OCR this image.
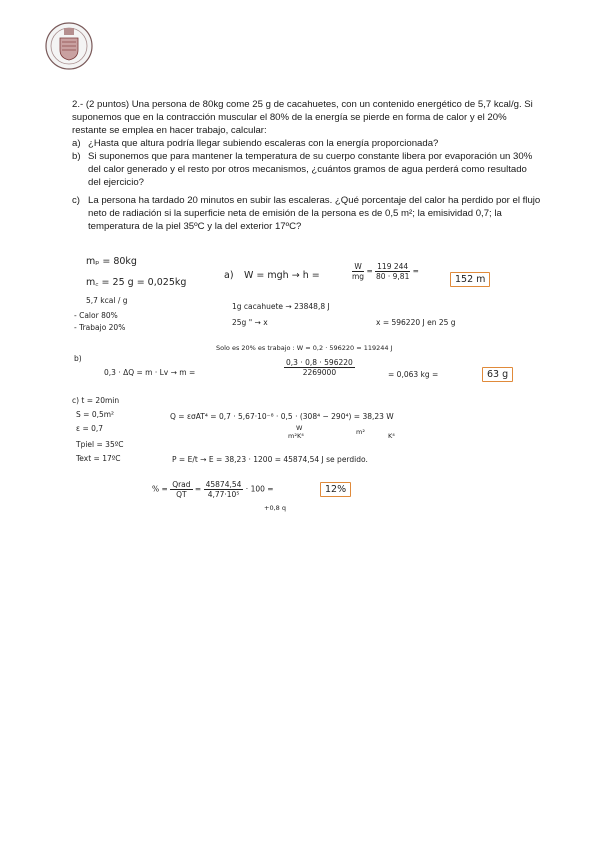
2.- (2 puntos) Una persona de 80kg come 25 g de cacahuetes, con un contenido energético de 5,7 kcal/g. Si suponemos que en la contracción muscular el 80% de la energía se pierde en forma de calor y el 20% restante se emplea en hacer trabajo, calcular:

a) ¿Hasta que altura podría llegar subiendo escaleras con la energía proporcionada?
b) Si suponemos que para mantener la temperatura de su cuerpo constante libera por evaporación un 30% del calor generado y el resto por otros mecanismos, ¿cuántos gramos de agua perderá como resultado del ejercicio?
c) La persona ha tardado 20 minutos en subir las escaleras. ¿Qué porcentaje del calor ha perdido por el flujo neto de radiación si la superficie neta de emisión de la persona es de 0,5 m²; la emisividad 0,7; la temperatura de la piel 35ºC y la del exterior 17ºC?
mₚ = 80kg
m꜀ = 25 g = 0,025kg
5,7 kcal / g
- Calor 80%
- Trabajo 20%
a) W = mgh → h =	$\frac{W}{mg} = \frac{119 244}{80 \cdot 9,81}$ =
152 m
1g cacahuete → 23848,8 J
25g " → x	x = 596220 J en 25 g
Solo es 20% es trabajo : W = 0,2 · 596220 = 119244 J
b)
0,3 · ΔQ = m · Lv → m =	$\frac{0,3 \cdot 0,8 \cdot 596220}{2269000}$	= 0,063 kg =	63 g
c) t = 20min
S = 0,5m²
ε = 0,7
Tpiel = 35ºC
Text = 17ºC
Q = εσAT⁴ = 0,7 · 5,67·10⁻⁸ · 0,5 · (308⁴ − 290⁴) = 38,23 W
W
m²K⁴	m²	K⁴
P = E/t → E = 38,23 · 1200 = 45874,54 J se perdido.
% = $\frac{\text{Qrad}}{QT} = \frac{45874,54}{\text{4,77·10⁵}} \cdot 100$ =	12%
+0,8 q
